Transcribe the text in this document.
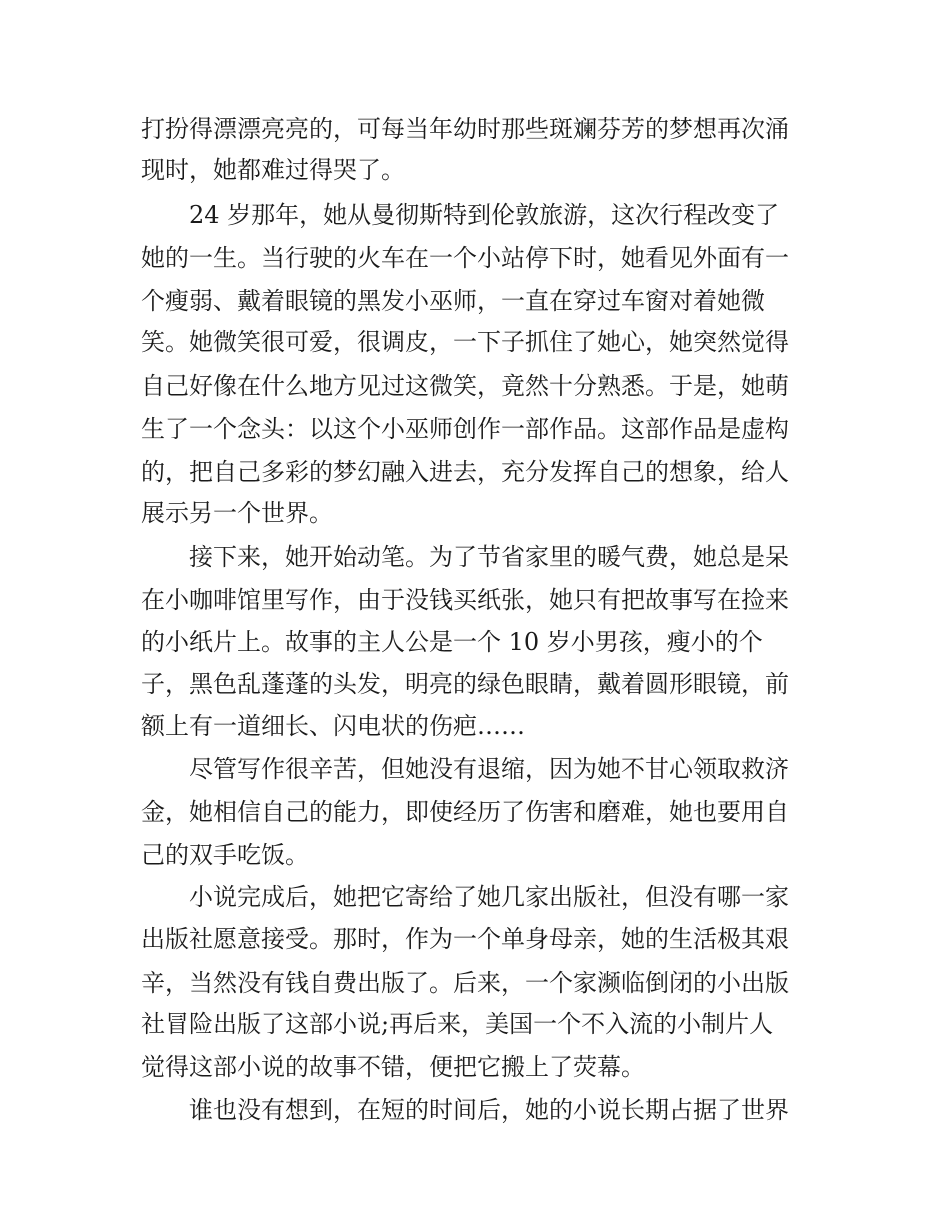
打扮得漂漂亮亮的，可每当年幼时那些斑斓芬芳的梦想再次涌
现时，她都难过得哭了。
24 岁那年，她从曼彻斯特到伦敦旅游，这次行程改变了
她的一生。当行驶的火车在一个小站停下时，她看见外面有一
个瘦弱、戴着眼镜的黑发小巫师，一直在穿过车窗对着她微
笑。她微笑很可爱，很调皮，一下子抓住了她心，她突然觉得
自己好像在什么地方见过这微笑，竟然十分熟悉。于是，她萌
生了一个念头：以这个小巫师创作一部作品。这部作品是虚构
的，把自己多彩的梦幻融入进去，充分发挥自己的想象，给人
展示另一个世界。
接下来，她开始动笔。为了节省家里的暖气费，她总是呆
在小咖啡馆里写作，由于没钱买纸张，她只有把故事写在捡来
的小纸片上。故事的主人公是一个 10 岁小男孩，瘦小的个
子，黑色乱蓬蓬的头发，明亮的绿色眼睛，戴着圆形眼镜，前
额上有一道细长、闪电状的伤疤……
尽管写作很辛苦，但她没有退缩，因为她不甘心领取救济
金，她相信自己的能力，即使经历了伤害和磨难，她也要用自
己的双手吃饭。
小说完成后，她把它寄给了她几家出版社，但没有哪一家
出版社愿意接受。那时，作为一个单身母亲，她的生活极其艰
辛，当然没有钱自费出版了。后来，一个家濒临倒闭的小出版
社冒险出版了这部小说;再后来，美国一个不入流的小制片人
觉得这部小说的故事不错，便把它搬上了荧幕。
谁也没有想到，在短的时间后，她的小说长期占据了世界
